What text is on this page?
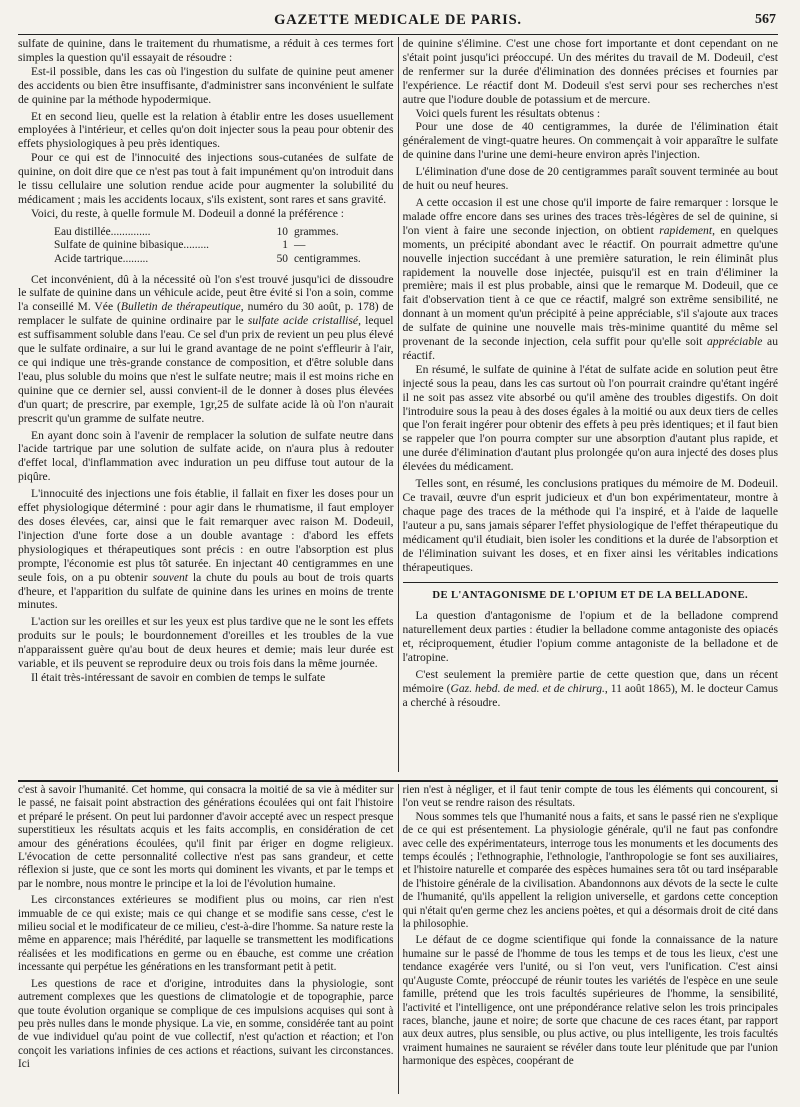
GAZETTE MEDICALE DE PARIS.	567

sulfate de quinine, dans le traitement du rhumatisme, a réduit à ces termes fort simples la question qu'il essayait de résoudre :

Est-il possible, dans les cas où l'ingestion du sulfate de quinine peut amener des accidents ou bien être insuffisante, d'administrer sans inconvénient le sulfate de quinine par la méthode hypodermique.

Et en second lieu, quelle est la relation à établir entre les doses usuellement employées à l'intérieur, et celles qu'on doit injecter sous la peau pour obtenir des effets physiologiques à peu près identiques.

Pour ce qui est de l'innocuité des injections sous-cutanées de sulfate de quinine, on doit dire que ce n'est pas tout à fait impunément qu'on introduit dans le tissu cellulaire une solution rendue acide pour augmenter la solubilité du médicament ; mais les accidents locaux, s'ils existent, sont rares et sans gravité.

Voici, du reste, à quelle formule M. Dodeuil a donné la préférence :

Eau distillée..............	10 grammes.
Sulfate de quinine bibasique.........	1 —
Acide tartrique.........	50 centigrammes.

Cet inconvénient, dû à la nécessité où l'on s'est trouvé jusqu'ici de dissoudre le sulfate de quinine dans un véhicule acide, peut être évité si l'on a soin, comme l'a conseillé M. Vée (Bulletin de thérapeutique, numéro du 30 août, p. 178) de remplacer le sulfate de quinine ordinaire par le sulfate acide cristallisé, lequel est suffisamment soluble dans l'eau. Ce sel d'un prix de revient un peu plus élevé que le sulfate ordinaire, a sur lui le grand avantage de ne point s'effleurir à l'air, ce qui indique une très-grande constance de composition, et d'être soluble dans l'eau, plus soluble du moins que n'est le sulfate neutre; mais il est moins riche en quinine que ce dernier sel, aussi convient-il de le donner à doses plus élevées d'un quart; de prescrire, par exemple, 1gr,25 de sulfate acide là où l'on n'aurait prescrit qu'un gramme de sulfate neutre.

En ayant donc soin à l'avenir de remplacer la solution de sulfate neutre dans l'acide tartrique par une solution de sulfate acide, on n'aura plus à redouter d'effet local, d'inflammation avec induration un peu diffuse tout autour de la piqûre.

L'innocuité des injections une fois établie, il fallait en fixer les doses pour un effet physiologique déterminé : pour agir dans le rhumatisme, il faut employer des doses élevées, car, ainsi que le fait remarquer avec raison M. Dodeuil, l'injection d'une forte dose a un double avantage : d'abord les effets physiologiques et thérapeutiques sont précis : en outre l'absorption est plus prompte, l'économie est plus tôt saturée. En injectant 40 centigrammes en une seule fois, on a pu obtenir souvent la chute du pouls au bout de trois quarts d'heure, et l'apparition du sulfate de quinine dans les urines en moins de trente minutes.

L'action sur les oreilles et sur les yeux est plus tardive que ne le sont les effets produits sur le pouls; le bourdonnement d'oreilles et les troubles de la vue n'apparaissent guère qu'au bout de deux heures et demie; mais leur durée est variable, et ils peuvent se reproduire deux ou trois fois dans la même journée.

Il était très-intéressant de savoir en combien de temps le sulfate

de quinine s'élimine. C'est une chose fort importante et dont cependant on ne s'était point jusqu'ici préoccupé. Un des mérites du travail de M. Dodeuil, c'est de renfermer sur la durée d'élimination des données précises et fournies par l'expérience. Le réactif dont M. Dodeuil s'est servi pour ses recherches n'est autre que l'iodure double de potassium et de mercure.

Voici quels furent les résultats obtenus :

Pour une dose de 40 centigrammes, la durée de l'élimination était généralement de vingt-quatre heures. On commençait à voir apparaître le sulfate de quinine dans l'urine une demi-heure environ après l'injection.

L'élimination d'une dose de 20 centigrammes paraît souvent terminée au bout de huit ou neuf heures.

A cette occasion il est une chose qu'il importe de faire remarquer : lorsque le malade offre encore dans ses urines des traces très-légères de sel de quinine, si l'on vient à faire une seconde injection, on obtient rapidement, en quelques moments, un précipité abondant avec le réactif. On pourrait admettre qu'une nouvelle injection succédant à une première saturation, le rein éliminât plus rapidement la nouvelle dose injectée, puisqu'il est en train d'éliminer la première; mais il est plus probable, ainsi que le remarque M. Dodeuil, que ce fait d'observation tient à ce que ce réactif, malgré son extrême sensibilité, ne donnant à un moment qu'un précipité à peine appréciable, s'il s'ajoute aux traces de sulfate de quinine une nouvelle mais très-minime quantité du même sel provenant de la seconde injection, cela suffit pour qu'elle soit appréciable au réactif.

En résumé, le sulfate de quinine à l'état de sulfate acide en solution peut être injecté sous la peau, dans les cas surtout où l'on pourrait craindre qu'étant ingéré il ne soit pas assez vite absorbé ou qu'il amène des troubles digestifs. On doit l'introduire sous la peau à des doses égales à la moitié ou aux deux tiers de celles que l'on ferait ingérer pour obtenir des effets à peu près identiques; et il faut bien se rappeler que l'on pourra compter sur une absorption d'autant plus rapide, et une durée d'élimination d'autant plus prolongée qu'on aura injecté des doses plus élevées du médicament.

Telles sont, en résumé, les conclusions pratiques du mémoire de M. Dodeuil. Ce travail, œuvre d'un esprit judicieux et d'un bon expérimentateur, montre à chaque page des traces de la méthode qui l'a inspiré, et à l'aide de laquelle l'auteur a pu, sans jamais séparer l'effet physiologique de l'effet thérapeutique du médicament qu'il étudiait, bien isoler les conditions et la durée de l'absorption et de l'élimination suivant les doses, et en fixer ainsi les véritables indications thérapeutiques.

DE L'ANTAGONISME DE L'OPIUM ET DE LA BELLADONE.

La question d'antagonisme de l'opium et de la belladone comprend naturellement deux parties : étudier la belladone comme antagoniste des opiacés et, réciproquement, étudier l'opium comme antagoniste de la belladone et de l'atropine.

C'est seulement la première partie de cette question que, dans un récent mémoire (Gaz. hebd. de med. et de chirurg., 11 août 1865), M. le docteur Camus a cherché à résoudre.

c'est à savoir l'humanité. Cet homme, qui consacra la moitié de sa vie à méditer sur le passé, ne faisait point abstraction des générations écoulées qui ont fait l'histoire et préparé le présent. On peut lui pardonner d'avoir accepté avec un respect presque superstitieux les résultats acquis et les faits accomplis, en considération de cet amour des générations écoulées, qu'il finit par ériger en dogme religieux. L'évocation de cette personnalité collective n'est pas sans grandeur, et cette réflexion si juste, que ce sont les morts qui dominent les vivants, et par le temps et par le nombre, nous montre le principe et la loi de l'évolution humaine.

Les circonstances extérieures se modifient plus ou moins, car rien n'est immuable de ce qui existe; mais ce qui change et se modifie sans cesse, c'est le milieu social et le modificateur de ce milieu, c'est-à-dire l'homme. Sa nature reste la même en apparence; mais l'hérédité, par laquelle se transmettent les modifications réalisées et les modifications en germe ou en ébauche, est comme une création incessante qui perpétue les générations en les transformant petit à petit.

Les questions de race et d'origine, introduites dans la physiologie, sont autrement complexes que les questions de climatologie et de topographie, parce que toute évolution organique se complique de ces impulsions acquises qui sont à peu près nulles dans le monde physique. La vie, en somme, considérée tant au point de vue individuel qu'au point de vue collectif, n'est qu'action et réaction; et l'on conçoit les variations infinies de ces actions et réactions, suivant les circonstances. Ici

rien n'est à négliger, et il faut tenir compte de tous les éléments qui concourent, si l'on veut se rendre raison des résultats.

Nous sommes tels que l'humanité nous a faits, et sans le passé rien ne s'explique de ce qui est présentement. La physiologie générale, qu'il ne faut pas confondre avec celle des expérimentateurs, interroge tous les monuments et les documents des temps écoulés ; l'ethnographie, l'ethnologie, l'anthropologie se font ses auxiliaires, et l'histoire naturelle et comparée des espèces humaines sera tôt ou tard inséparable de l'histoire générale de la civilisation. Abandonnons aux dévots de la secte le culte de l'humanité, qu'ils appellent la religion universelle, et gardons cette conception qui n'était qu'en germe chez les anciens poètes, et qui a désormais droit de cité dans la philosophie.

Le défaut de ce dogme scientifique qui fonde la connaissance de la nature humaine sur le passé de l'homme de tous les temps et de tous les lieux, c'est une tendance exagérée vers l'unité, ou si l'on veut, vers l'unification. C'est ainsi qu'Auguste Comte, préoccupé de réunir toutes les variétés de l'espèce en une seule famille, prétend que les trois facultés supérieures de l'homme, la sensibilité, l'activité et l'intelligence, ont une prépondérance relative selon les trois principales races, blanche, jaune et noire; de sorte que chacune de ces races étant, par rapport aux deux autres, plus sensible, ou plus active, ou plus intelligente, les trois facultés vraiment humaines ne sauraient se révéler dans toute leur plénitude que par l'union harmonique des espèces, coopérant de
